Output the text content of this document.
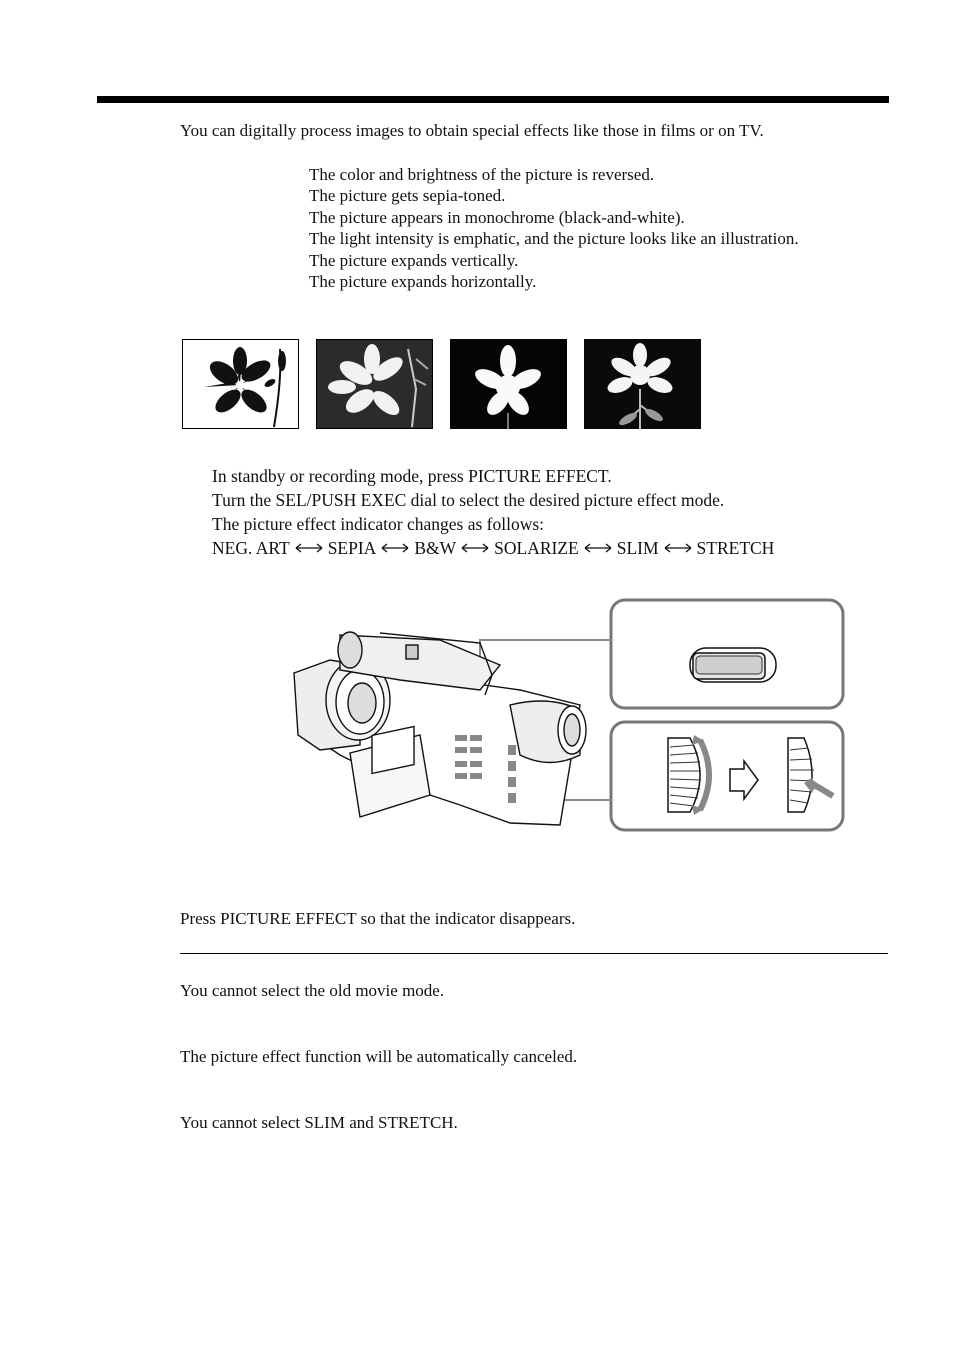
You can digitally process images to obtain special effects like those in films or on TV.
The color and brightness of the picture is reversed.
The picture gets sepia-toned.
The picture appears in monochrome (black-and-white).
The light intensity is emphatic, and the picture looks like an illustration.
The picture expands vertically.
The picture expands horizontally.
In standby or recording mode, press PICTURE EFFECT.
Turn the SEL/PUSH EXEC dial to select the desired picture effect mode.
The picture effect indicator changes as follows:
NEG. ART SEPIA B&W SOLARIZE SLIM STRETCH
Press PICTURE EFFECT so that the indicator disappears.
You cannot select the old movie mode.
The picture effect function will be automatically canceled.
You cannot select SLIM and STRETCH.
